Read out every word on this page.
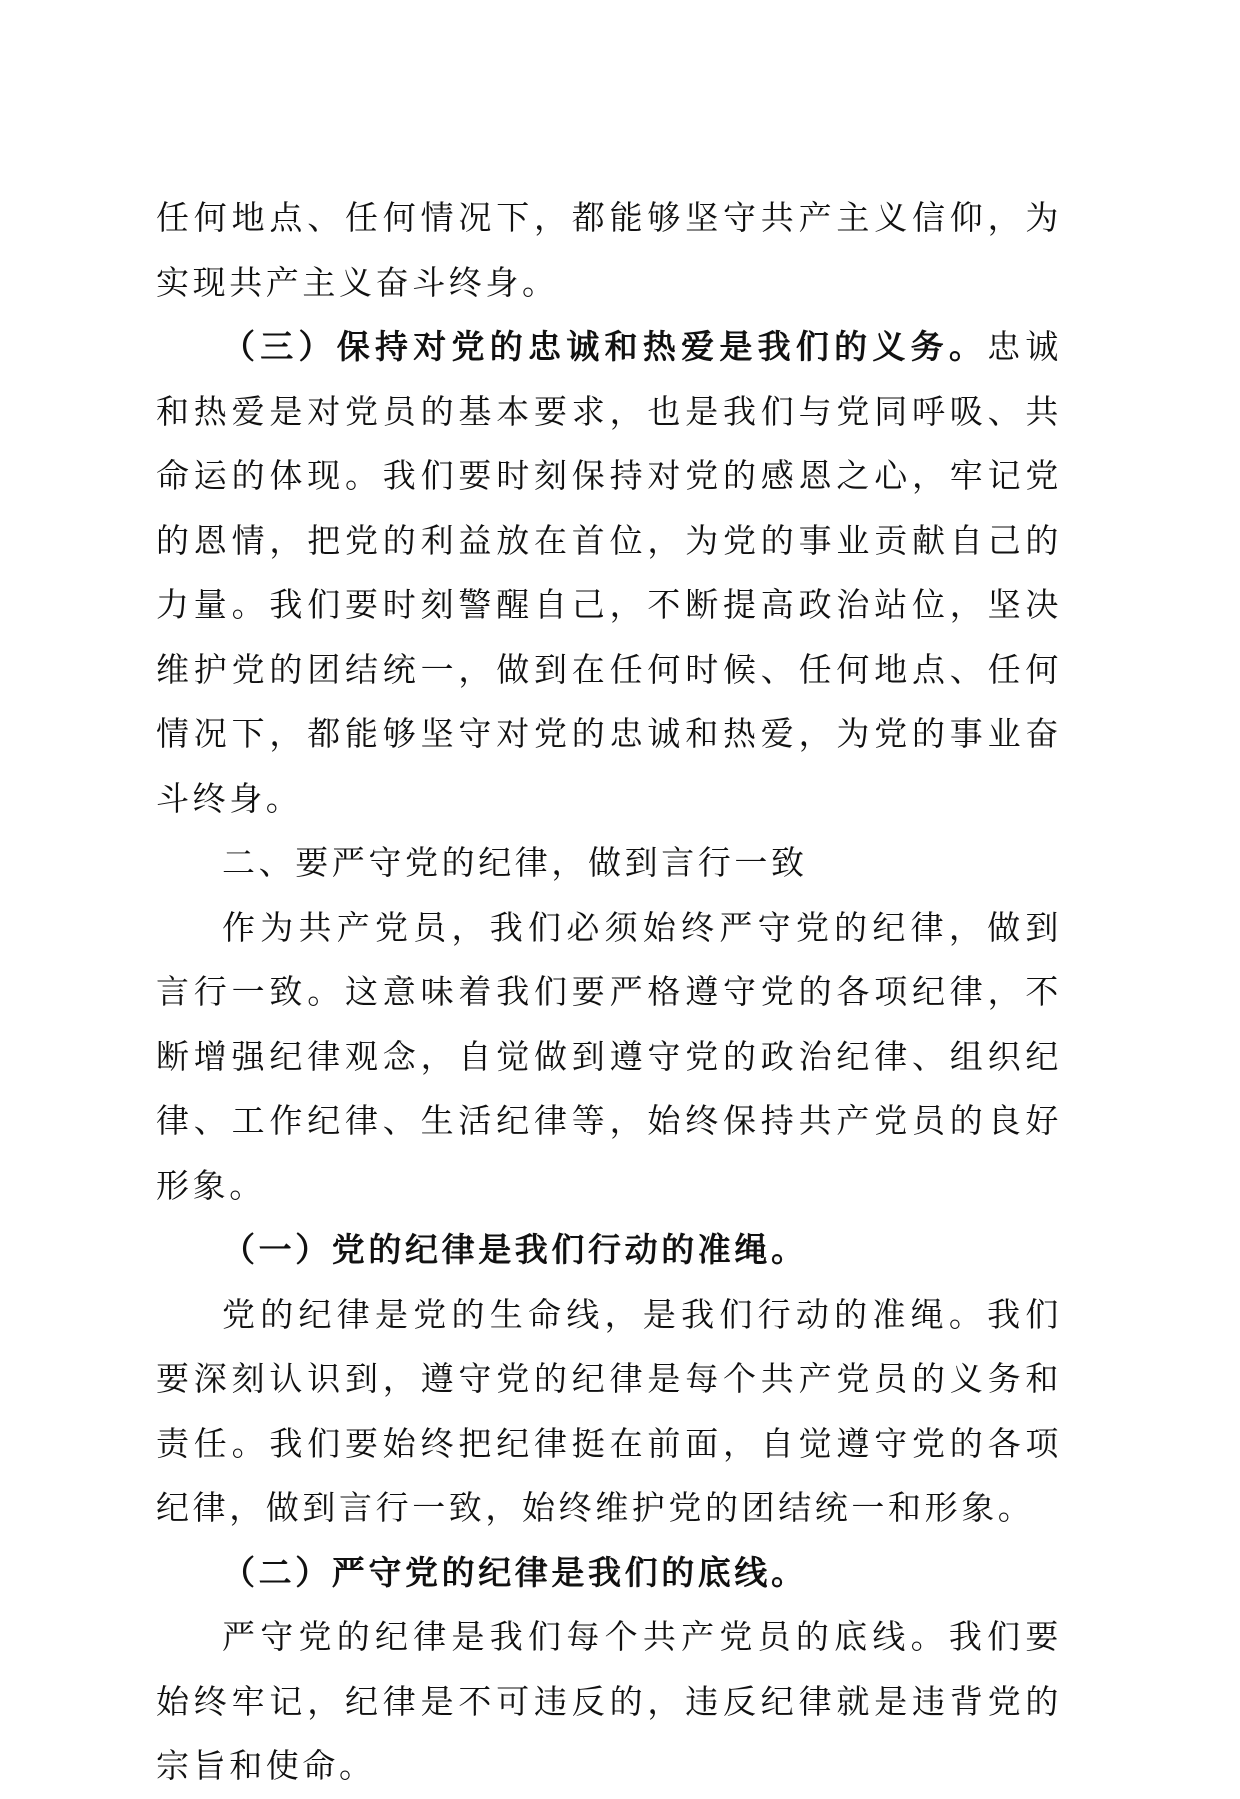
任何地点、任何情况下，都能够坚守共产主义信仰，为实现共产主义奋斗终身。

（三）保持对党的忠诚和热爱是我们的义务。忠诚和热爱是对党员的基本要求，也是我们与党同呼吸、共命运的体现。我们要时刻保持对党的感恩之心，牢记党的恩情，把党的利益放在首位，为党的事业贡献自己的力量。我们要时刻警醒自己，不断提高政治站位，坚决维护党的团结统一，做到在任何时候、任何地点、任何情况下，都能够坚守对党的忠诚和热爱，为党的事业奋斗终身。

二、要严守党的纪律，做到言行一致

作为共产党员，我们必须始终严守党的纪律，做到言行一致。这意味着我们要严格遵守党的各项纪律，不断增强纪律观念，自觉做到遵守党的政治纪律、组织纪律、工作纪律、生活纪律等，始终保持共产党员的良好形象。

（一）党的纪律是我们行动的准绳。

党的纪律是党的生命线，是我们行动的准绳。我们要深刻认识到，遵守党的纪律是每个共产党员的义务和责任。我们要始终把纪律挺在前面，自觉遵守党的各项纪律，做到言行一致，始终维护党的团结统一和形象。

（二）严守党的纪律是我们的底线。

严守党的纪律是我们每个共产党员的底线。我们要始终牢记，纪律是不可违反的，违反纪律就是违背党的宗旨和使命。
